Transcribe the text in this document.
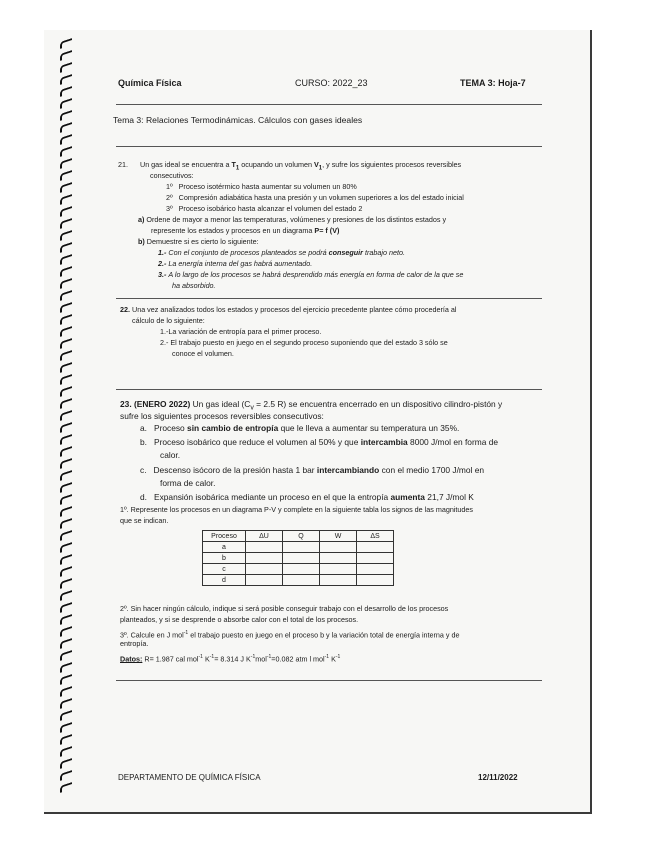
Química Física	CURSO: 2022_23	TEMA 3: Hoja-7
Tema 3: Relaciones Termodinámicas. Cálculos con gases ideales
21. Un gas ideal se encuentra a $T_1$ ocupando un volumen $V_1$, y sufre los siguientes procesos reversibles
consecutivos:
1º Proceso isotérmico hasta aumentar su volumen un 80%
2º Compresión adiabática hasta una presión y un volumen superiores a los del estado inicial
3º Proceso isobárico hasta alcanzar el volumen del estado 2
a) Ordene de mayor a menor las temperaturas, volúmenes y presiones de los distintos estados y
represente los estados y procesos en un diagrama P= f (V)
b) Demuestre si es cierto lo siguiente:
1.- Con el conjunto de procesos planteados se podrá conseguir trabajo neto.
2.- La energía interna del gas habrá aumentado.
3.- A lo largo de los procesos se habrá desprendido más energía en forma de calor de la que se
ha absorbido.
22. Una vez analizados todos los estados y procesos del ejercicio precedente plantee cómo procedería al
cálculo de lo siguiente:
1.-La variación de entropía para el primer proceso.
2.- El trabajo puesto en juego en el segundo proceso suponiendo que del estado 3 sólo se
conoce el volumen.
23. (ENERO 2022) Un gas ideal ($C_v = 2.5$ R) se encuentra encerrado en un dispositivo cilindro-pistón y
sufre los siguientes procesos reversibles consecutivos:
a. Proceso sin cambio de entropía que le lleva a aumentar su temperatura un 35%.
b. Proceso isobárico que reduce el volumen al 50% y que intercambia 8000 J/mol en forma de
calor.
c. Descenso isócoro de la presión hasta 1 bar intercambiando con el medio 1700 J/mol en
forma de calor.
d. Expansión isobárica mediante un proceso en el que la entropía aumenta 21,7 J/mol K
1º. Represente los procesos en un diagrama P-V y complete en la siguiente tabla los signos de las magnitudes
que se indican.
Proceso	ΔU	Q	W	ΔS
a				
b				
c				
d				
2º. Sin hacer ningún cálculo, indique si será posible conseguir trabajo con el desarrollo de los procesos
planteados, y si se desprende o absorbe calor con el total de los procesos.
3º. Calcule en J mol$^{-1}$ el trabajo puesto en juego en el proceso b y la variación total de energía interna y de
entropía.
Datos: R= 1.987 cal mol$^{-1}$ $K^{-1}= 8.314$ J $K^{-1}mol^{-1}=0.082$ atm l mol$^{-1}$ $K^{-1}$
DEPARTAMENTO DE QUÍMICA FÍSICA	12/11/2022
